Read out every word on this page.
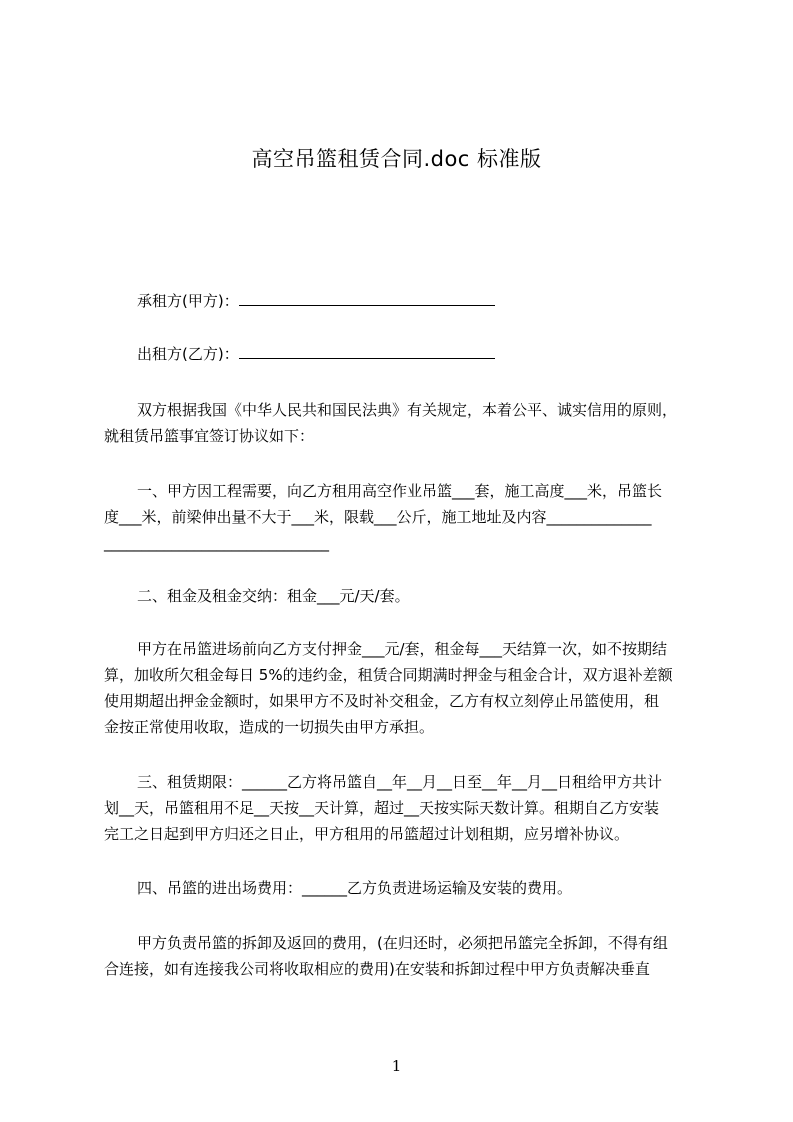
高空吊篮租赁合同.doc 标准版
承租方(甲方)：
出租方(乙方)：
双方根据我国《中华人民共和国民法典》有关规定，本着公平、诚实信用的原则，
就租赁吊篮事宜签订协议如下：
一、甲方因工程需要，向乙方租用高空作业吊篮___套，施工高度___米，吊篮长
度___米，前梁伸出量不大于___米，限载___公斤，施工地址及内容______________
______________________________
二、租金及租金交纳：租金___元/天/套。
甲方在吊篮进场前向乙方支付押金___元/套，租金每___天结算一次，如不按期结
算，加收所欠租金每日 5%的违约金，租赁合同期满时押金与租金合计，双方退补差额
使用期超出押金金额时，如果甲方不及时补交租金，乙方有权立刻停止吊篮使用，租
金按正常使用收取，造成的一切损失由甲方承担。
三、租赁期限：______乙方将吊篮自__年__月__日至__年__月__日租给甲方共计
划__天，吊篮租用不足__天按__天计算，超过__天按实际天数计算。租期自乙方安装
完工之日起到甲方归还之日止，甲方租用的吊篮超过计划租期，应另增补协议。
四、吊篮的进出场费用：______乙方负责进场运输及安装的费用。
甲方负责吊篮的拆卸及返回的费用，(在归还时，必须把吊篮完全拆卸，不得有组
合连接，如有连接我公司将收取相应的费用)在安装和拆卸过程中甲方负责解决垂直
1
